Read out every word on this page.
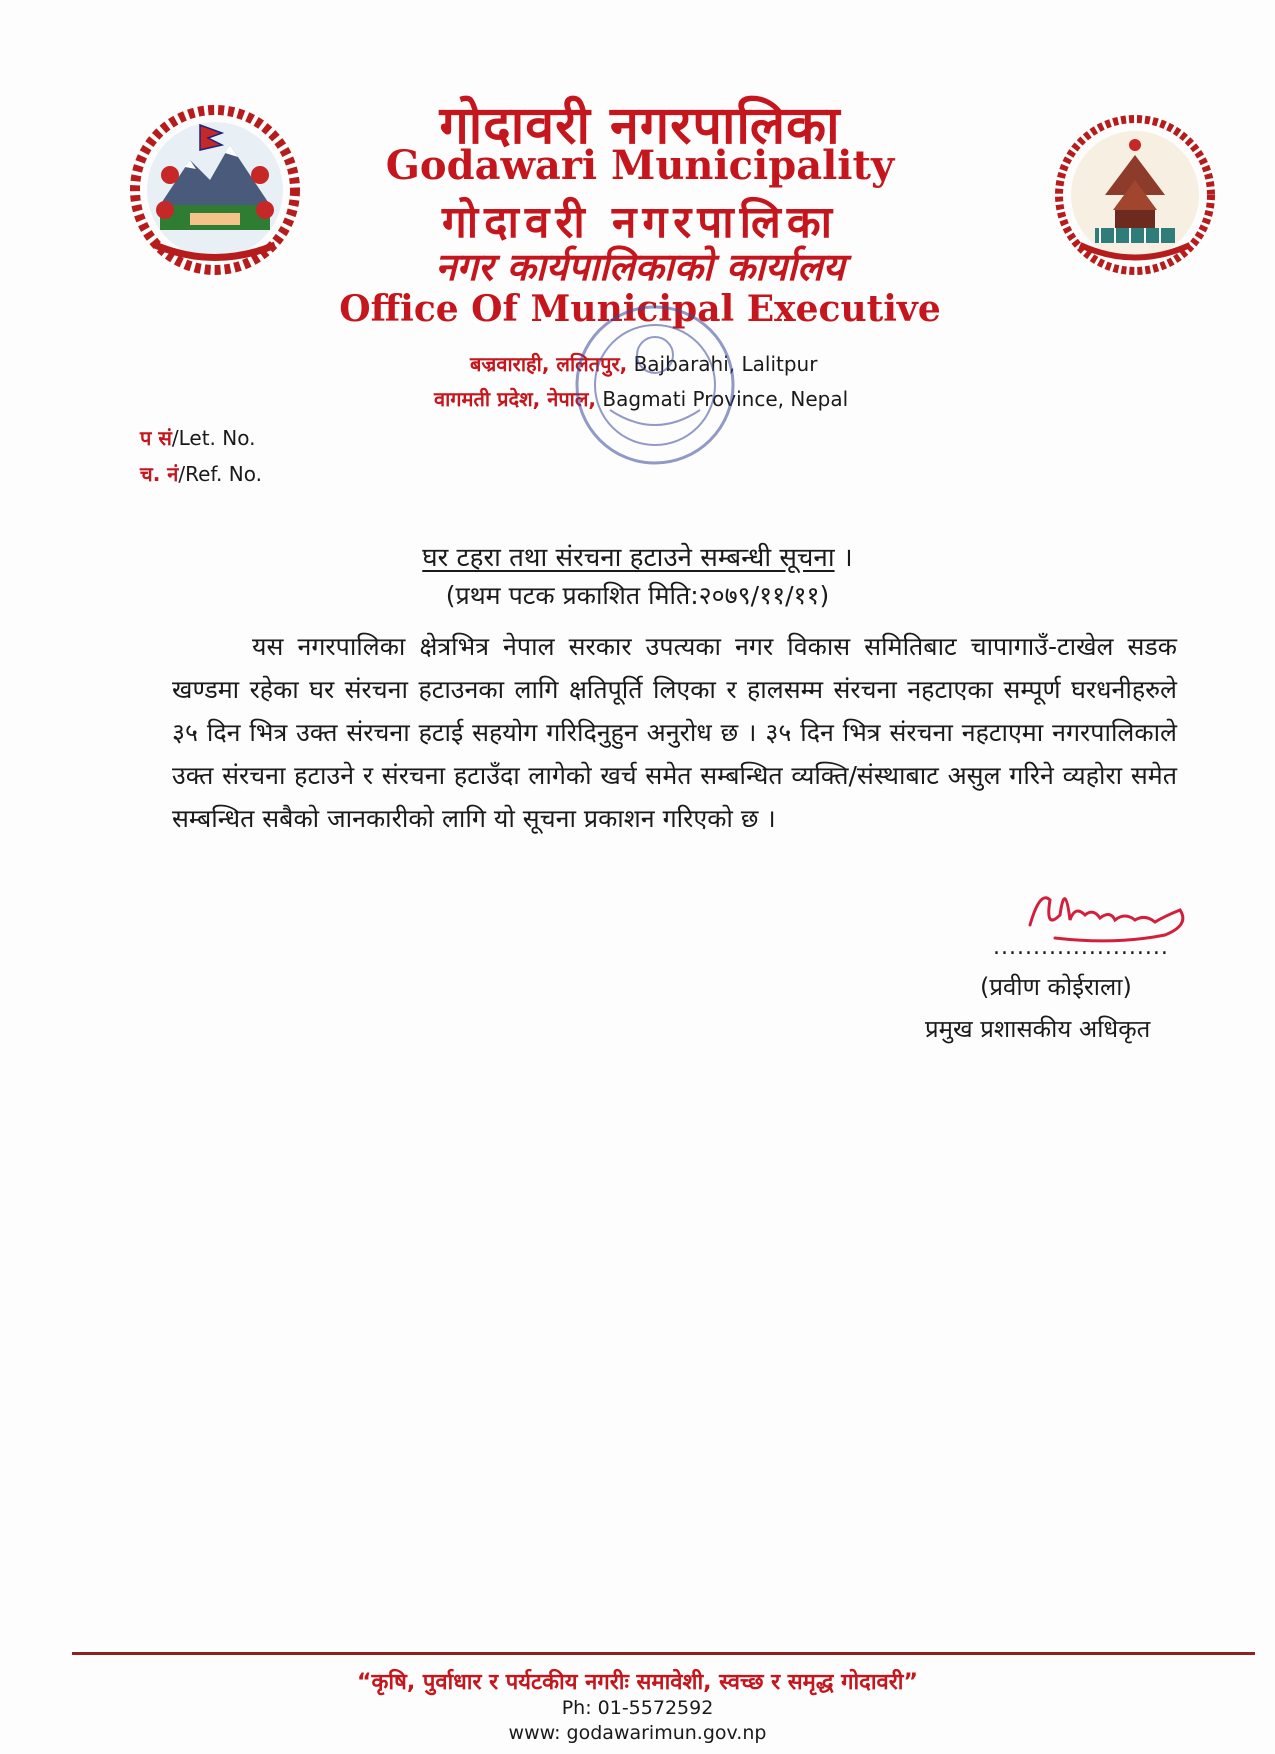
गोदावरी नगरपालिका
Godawari Municipality
गोदावरी नगरपालिका
नगर कार्यपालिकाको कार्यालय
Office Of Municipal Executive
बज्रवाराही, ललितपुर, Bajbarahi, Lalitpur
वागमती प्रदेश, नेपाल, Bagmati Province, Nepal
प सं/Let. No.
च. नं/Ref. No.
घर टहरा तथा संरचना हटाउने सम्बन्धी सूचना ।
(प्रथम पटक प्रकाशित मिति:२०७९/११/११)
यस नगरपालिका क्षेत्रभित्र नेपाल सरकार उपत्यका नगर विकास समितिबाट चापागाउँ-टाखेल सडक खण्डमा रहेका घर संरचना हटाउनका लागि क्षतिपूर्ति लिएका र हालसम्म संरचना नहटाएका सम्पूर्ण घरधनीहरुले ३५ दिन भित्र उक्त संरचना हटाई सहयोग गरिदिनुहुन अनुरोध छ । ३५ दिन भित्र संरचना नहटाएमा नगरपालिकाले उक्त संरचना हटाउने र संरचना हटाउँदा लागेको खर्च समेत सम्बन्धित व्यक्ति/संस्थाबाट असुल गरिने व्यहोरा समेत सम्बन्धित सबैको जानकारीको लागि यो सूचना प्रकाशन गरिएको छ ।
......................
(प्रवीण कोईराला)
प्रमुख प्रशासकीय अधिकृत
“कृषि, पुर्वाधार र पर्यटकीय नगरीः समावेशी, स्वच्छ र समृद्ध गोदावरी”
Ph: 01-5572592
www: godawarimun.gov.np
